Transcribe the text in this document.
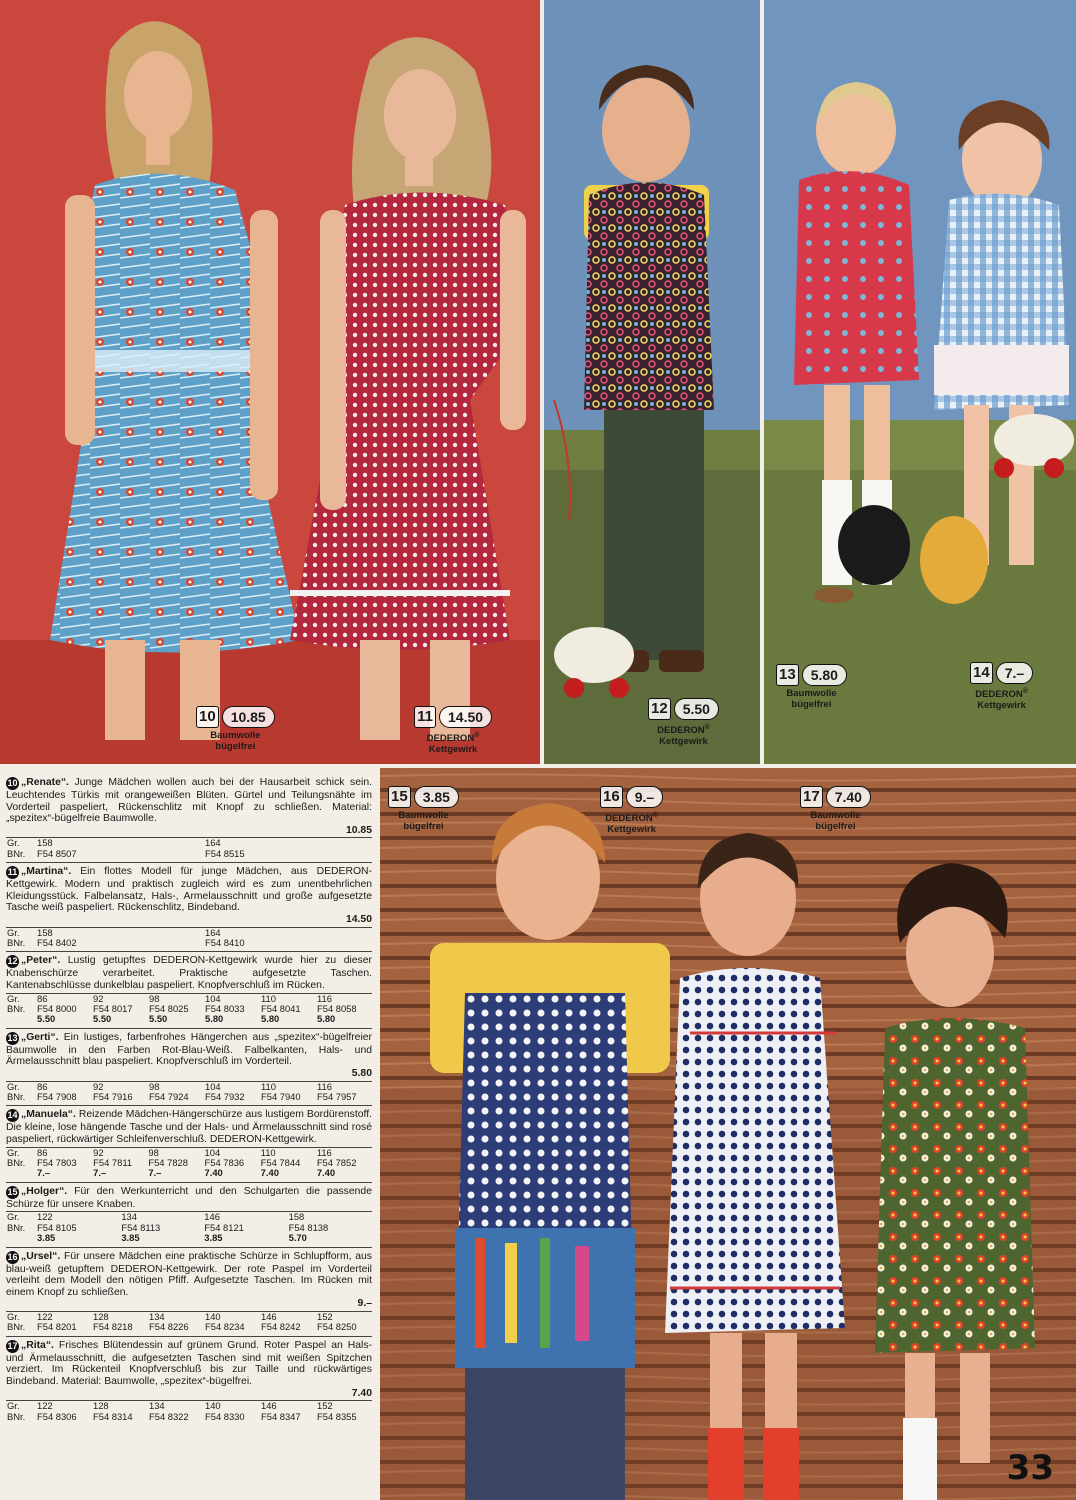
10	10.85
Baumwolle
bügelfrei
11	14.50
DEDERON®
Kettgewirk
12	5.50
DEDERON®
Kettgewirk
13	5.80
Baumwolle
bügelfrei
14	7.–
DEDERON®
Kettgewirk
15	3.85
Baumwolle
bügelfrei
16	9.–
DEDERON®
Kettgewirk
17	7.40
Baumwolle
bügelfrei
10 „Renate“. Junge Mädchen wollen auch bei der Hausarbeit schick sein. Leuchtendes Türkis mit orangeweißen Blüten. Gürtel und Teilungsnähte im Vorderteil paspeliert, Rückenschlitz mit Knopf zu schließen. Material: „spezitex“-bügelfreie Baumwolle.
10.85
Gr.	158	164
BNr.	F54 8507	F54 8515
11 „Martina“. Ein flottes Modell für junge Mädchen, aus DEDERON-Kettgewirk. Modern und praktisch zugleich wird es zum unentbehrlichen Kleidungsstück. Falbelansatz, Hals-, Armelausschnitt und große aufgesetzte Tasche weiß paspeliert. Rückenschlitz, Bindeband.
14.50
Gr.	158	164
BNr.	F54 8402	F54 8410
12 „Peter“. Lustig getupftes DEDERON-Kettgewirk wurde hier zu dieser Knabenschürze verarbeitet. Praktische aufgesetzte Taschen. Kantenabschlüsse dunkelblau paspeliert. Knopfverschluß im Rücken.
Gr.	86	92	98	104	110	116
BNr.	F54 8000	F54 8017	F54 8025	F54 8033	F54 8041	F54 8058
	5.50	5.50	5.50	5.80	5.80	5.80
13 „Gerti“. Ein lustiges, farbenfrohes Hängerchen aus „spezitex“-bügelfreier Baumwolle in den Farben Rot-Blau-Weiß. Falbelkanten, Hals- und Ärmelausschnitt blau paspeliert. Knopfverschluß im Vorderteil.
5.80
Gr.	86	92	98	104	110	116
BNr.	F54 7908	F54 7916	F54 7924	F54 7932	F54 7940	F54 7957
14 „Manuela“. Reizende Mädchen-Hängerschürze aus lustigem Bordürenstoff. Die kleine, lose hängende Tasche und der Hals- und Ärmelausschnitt sind rosé paspeliert, rückwärtiger Schleifenverschluß. DEDERON-Kettgewirk.
Gr.	86	92	98	104	110	116
BNr.	F54 7803	F54 7811	F54 7828	F54 7836	F54 7844	F54 7852
	7.–	7.–	7.–	7.40	7.40	7.40
15 „Holger“. Für den Werkunterricht und den Schulgarten die passende Schürze für unsere Knaben.
Gr.	122	134	146	158
BNr.	F54 8105	F54 8113	F54 8121	F54 8138
	3.85	3.85	3.85	5.70
16 „Ursel“. Für unsere Mädchen eine praktische Schürze in Schlupfform, aus blau-weiß getupftem DEDERON-Kettgewirk. Der rote Paspel im Vorderteil verleiht dem Modell den nötigen Pfiff. Aufgesetzte Taschen. Im Rücken mit einem Knopf zu schließen.
9.–
Gr.	122	128	134	140	146	152
BNr.	F54 8201	F54 8218	F54 8226	F54 8234	F54 8242	F54 8250
17 „Rita“. Frisches Blütendessin auf grünem Grund. Roter Paspel an Hals- und Ärmelausschnitt, die aufgesetzten Taschen sind mit weißen Spitzchen verziert. Im Rückenteil Knopfverschluß bis zur Taille und rückwärtiges Bindeband. Material: Baumwolle, „spezitex“-bügelfrei.
7.40
Gr.	122	128	134	140	146	152
BNr.	F54 8306	F54 8314	F54 8322	F54 8330	F54 8347	F54 8355
33
